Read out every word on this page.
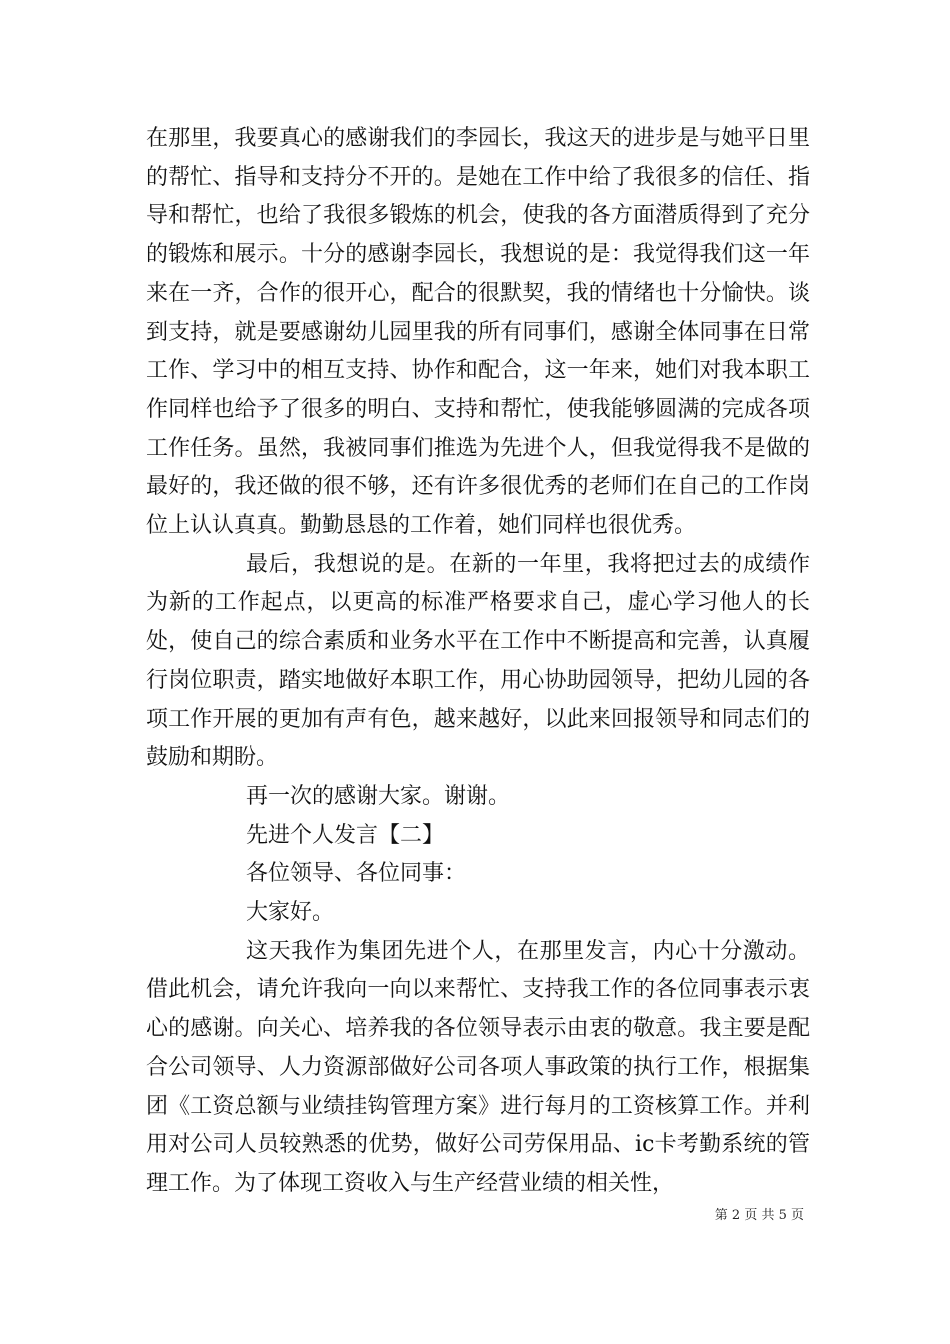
在那里，我要真心的感谢我们的李园长，我这天的进步是与她平日里的帮忙、指导和支持分不开的。是她在工作中给了我很多的信任、指导和帮忙，也给了我很多锻炼的机会，使我的各方面潜质得到了充分的锻炼和展示。十分的感谢李园长，我想说的是：我觉得我们这一年来在一齐，合作的很开心，配合的很默契，我的情绪也十分愉快。谈到支持，就是要感谢幼儿园里我的所有同事们，感谢全体同事在日常工作、学习中的相互支持、协作和配合，这一年来，她们对我本职工作同样也给予了很多的明白、支持和帮忙，使我能够圆满的完成各项工作任务。虽然，我被同事们推选为先进个人，但我觉得我不是做的最好的，我还做的很不够，还有许多很优秀的老师们在自己的工作岗位上认认真真。勤勤恳恳的工作着，她们同样也很优秀。

最后，我想说的是。在新的一年里，我将把过去的成绩作为新的工作起点，以更高的标准严格要求自己，虚心学习他人的长处，使自己的综合素质和业务水平在工作中不断提高和完善，认真履行岗位职责，踏实地做好本职工作，用心协助园领导，把幼儿园的各项工作开展的更加有声有色，越来越好，以此来回报领导和同志们的鼓励和期盼。

再一次的感谢大家。谢谢。

先进个人发言【二】

各位领导、各位同事：

大家好。

这天我作为集团先进个人，在那里发言，内心十分激动。借此机会，请允许我向一向以来帮忙、支持我工作的各位同事表示衷心的感谢。向关心、培养我的各位领导表示由衷的敬意。我主要是配合公司领导、人力资源部做好公司各项人事政策的执行工作，根据集团《工资总额与业绩挂钩管理方案》进行每月的工资核算工作。并利用对公司人员较熟悉的优势，做好公司劳保用品、ic卡考勤系统的管理工作。为了体现工资收入与生产经营业绩的相关性，

第 2 页 共 5 页
